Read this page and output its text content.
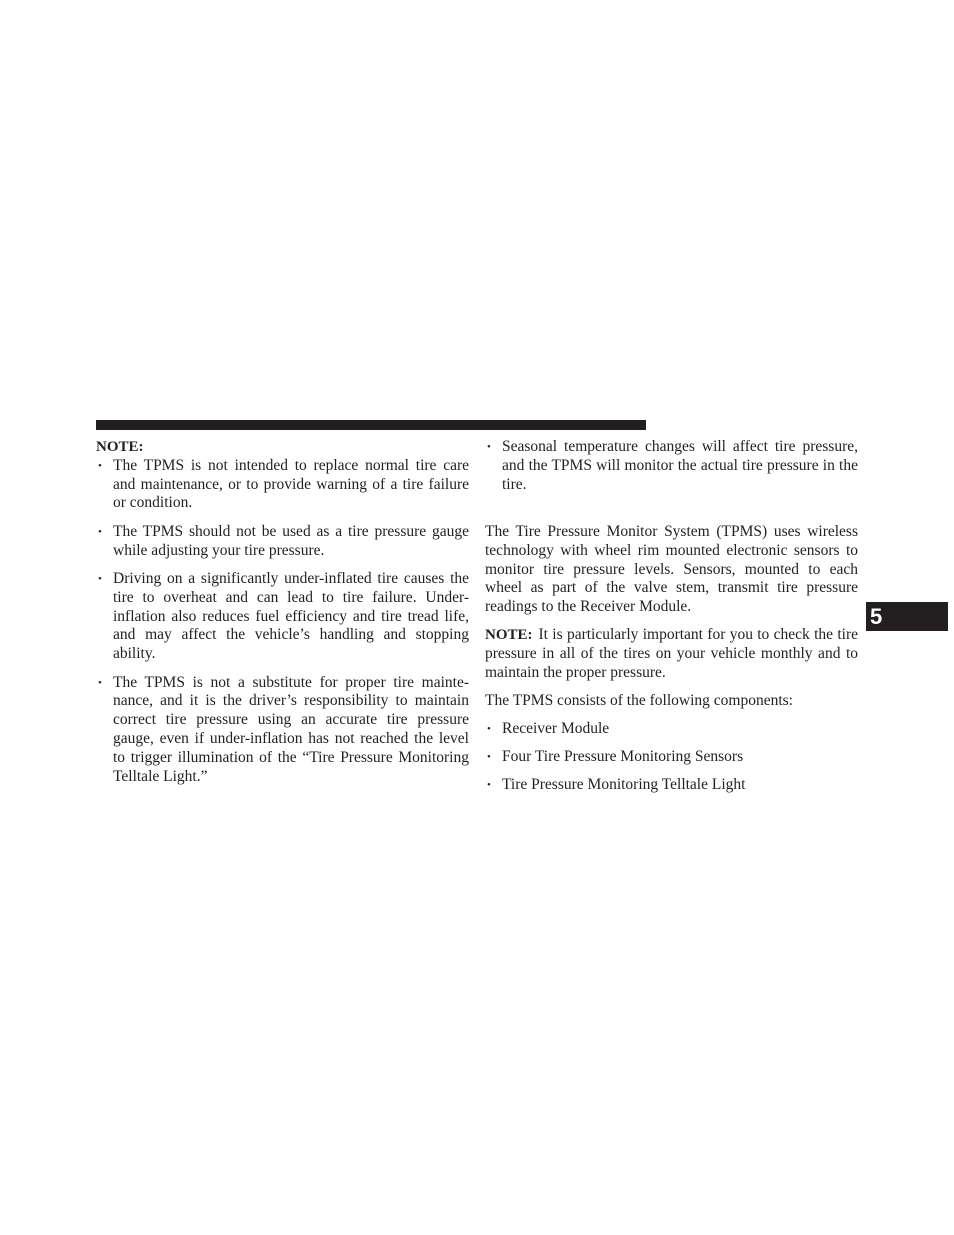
NOTE:
• The TPMS is not intended to replace normal tire care and maintenance, or to provide warning of a tire failure or condition.
• The TPMS should not be used as a tire pressure gauge while adjusting your tire pressure.
• Driving on a significantly under-inflated tire causes the tire to overheat and can lead to tire failure. Under-inflation also reduces fuel efficiency and tire tread life, and may affect the vehicle’s handling and stopping ability.
• The TPMS is not a substitute for proper tire mainte-nance, and it is the driver’s responsibility to maintain correct tire pressure using an accurate tire pressure gauge, even if under-inflation has not reached the level to trigger illumination of the “Tire Pressure Monitoring Telltale Light.”
• Seasonal temperature changes will affect tire pressure, and the TPMS will monitor the actual tire pressure in the tire.

The Tire Pressure Monitor System (TPMS) uses wireless technology with wheel rim mounted electronic sensors to monitor tire pressure levels. Sensors, mounted to each wheel as part of the valve stem, transmit tire pressure readings to the Receiver Module.

NOTE: It is particularly important for you to check the tire pressure in all of the tires on your vehicle monthly and to maintain the proper pressure.

The TPMS consists of the following components:

• Receiver Module
• Four Tire Pressure Monitoring Sensors
• Tire Pressure Monitoring Telltale Light
5
